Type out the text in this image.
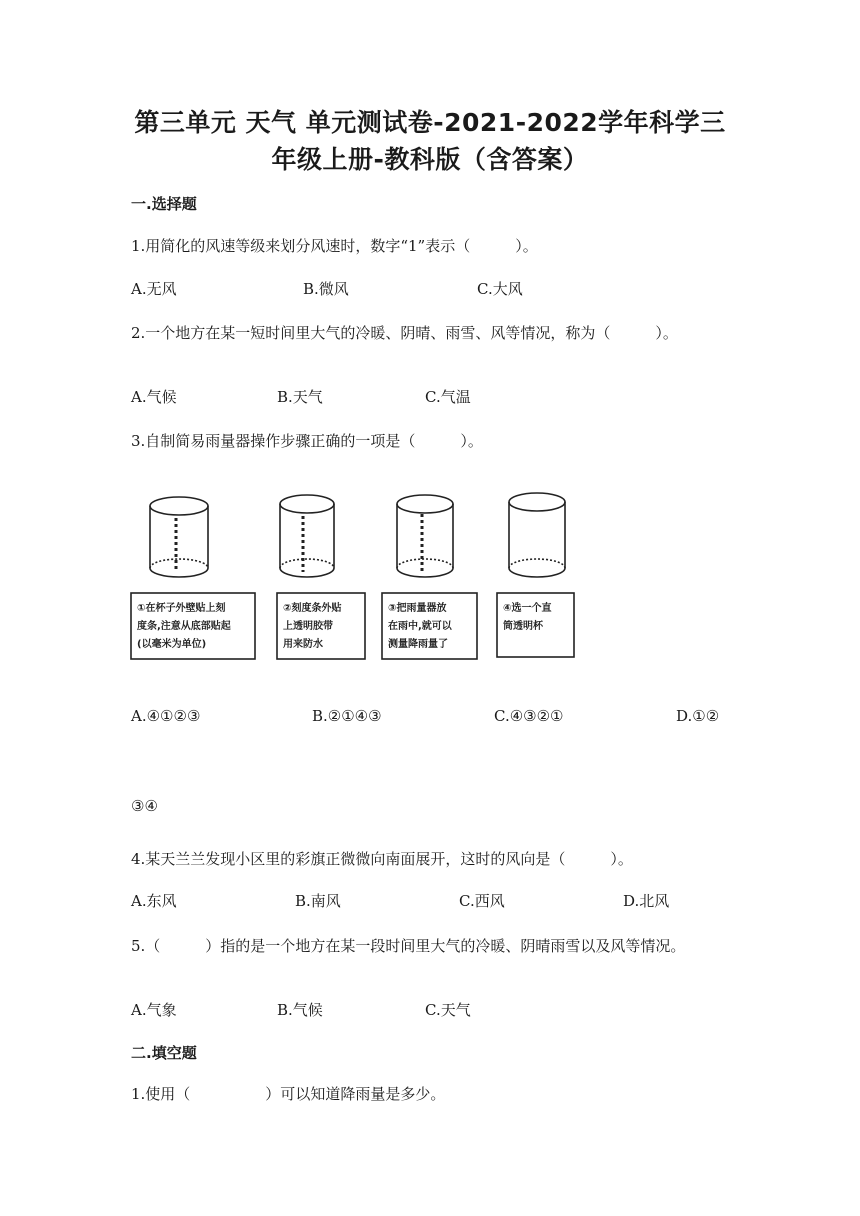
第三单元 天气 单元测试卷-2021-2022学年科学三
年级上册-教科版（含答案）
一.选择题
1.用简化的风速等级来划分风速时，数字“1”表示（　　　）。
A.无风	B.微风	C.大风
2.一个地方在某一短时间里大气的冷暖、阴晴、雨雪、风等情况，称为（　　　）。
A.气候	B.天气	C.气温
3.自制简易雨量器操作步骤正确的一项是（　　　）。
①在杯子外壁贴上刻
度条,注意从底部贴起
(以毫米为单位)
②刻度条外贴
上透明胶带
用来防水
③把雨量器放
在雨中,就可以
测量降雨量了
④选一个直
筒透明杯
A.④①②③	B.②①④③	C.④③②①	D.①②
③④
4.某天兰兰发现小区里的彩旗正微微向南面展开，这时的风向是（　　　）。
A.东风	B.南风	C.西风	D.北风
5.（　　　）指的是一个地方在某一段时间里大气的冷暖、阴晴雨雪以及风等情况。
A.气象	B.气候	C.天气
二.填空题
1.使用（　　　　　）可以知道降雨量是多少。
